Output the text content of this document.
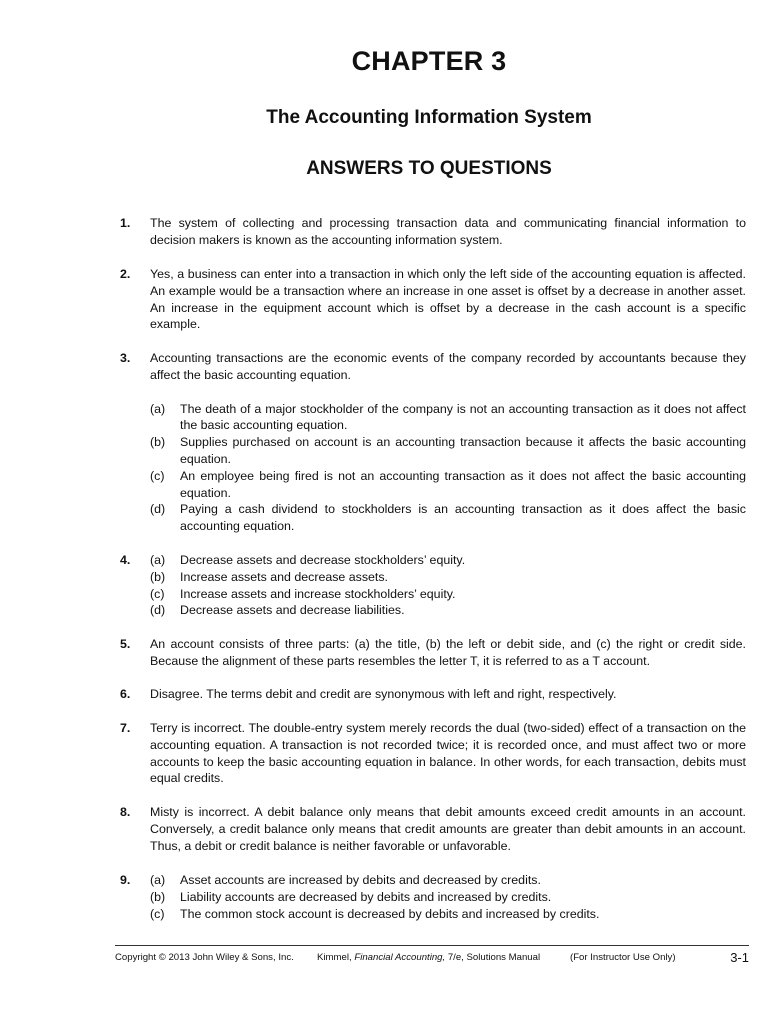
CHAPTER 3
The Accounting Information System
ANSWERS TO QUESTIONS
1.	The system of collecting and processing transaction data and communicating financial information to decision makers is known as the accounting information system.
2.	Yes, a business can enter into a transaction in which only the left side of the accounting equation is affected. An example would be a transaction where an increase in one asset is offset by a decrease in another asset. An increase in the equipment account which is offset by a decrease in the cash account is a specific example.
3.	Accounting transactions are the economic events of the company recorded by accountants because they affect the basic accounting equation.
(a)	The death of a major stockholder of the company is not an accounting transaction as it does not affect the basic accounting equation.
(b)	Supplies purchased on account is an accounting transaction because it affects the basic accounting equation.
(c)	An employee being fired is not an accounting transaction as it does not affect the basic accounting equation.
(d)	Paying a cash dividend to stockholders is an accounting transaction as it does affect the basic accounting equation.
4.	(a)	Decrease assets and decrease stockholders’ equity.
(b)	Increase assets and decrease assets.
(c)	Increase assets and increase stockholders’ equity.
(d)	Decrease assets and decrease liabilities.
5.	An account consists of three parts: (a) the title, (b) the left or debit side, and (c) the right or credit side. Because the alignment of these parts resembles the letter T, it is referred to as a T account.
6.	Disagree. The terms debit and credit are synonymous with left and right, respectively.
7.	Terry is incorrect. The double-entry system merely records the dual (two-sided) effect of a transaction on the accounting equation. A transaction is not recorded twice; it is recorded once, and must affect two or more accounts to keep the basic accounting equation in balance. In other words, for each transaction, debits must equal credits.
8.	Misty is incorrect. A debit balance only means that debit amounts exceed credit amounts in an account. Conversely, a credit balance only means that credit amounts are greater than debit amounts in an account. Thus, a debit or credit balance is neither favorable or unfavorable.
9.	(a)	Asset accounts are increased by debits and decreased by credits.
(b)	Liability accounts are decreased by debits and increased by credits.
(c)	The common stock account is decreased by debits and increased by credits.
Copyright © 2013 John Wiley & Sons, Inc. Kimmel, Financial Accounting, 7/e, Solutions Manual	(For Instructor Use Only)	3-1
